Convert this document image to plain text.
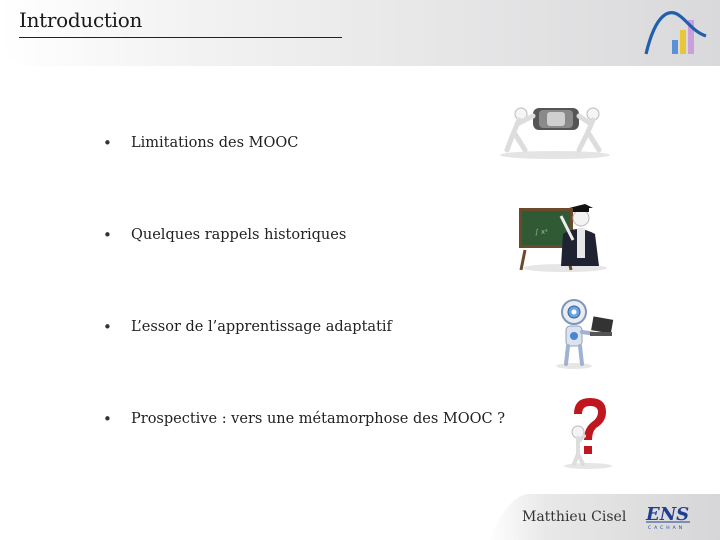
Introduction
• Limitations des MOOC
• Quelques rappels historiques
• L’essor de l’apprentissage adaptatif
• Prospective : vers une métamorphose des MOOC ?
∫ x²
Matthieu Cisel ENS
CACHAN
